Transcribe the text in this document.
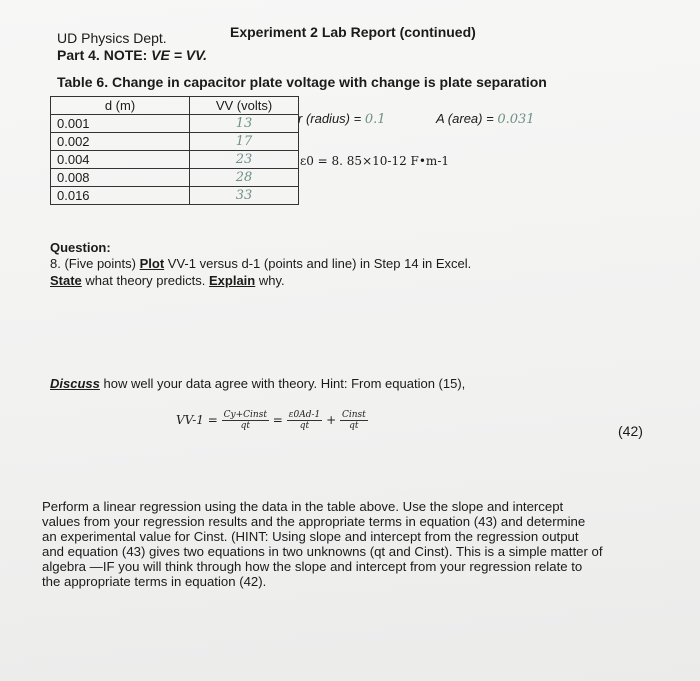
UD Physics Dept.	Experiment 2 Lab Report (continued)
Part 4. NOTE: VE = VV.
Table 6. Change in capacitor plate voltage with change is plate separation
d (m)	VV (volts)
0.001	13
0.002	17
0.004	23
0.008	28
0.016	33
r (radius) = 0.1	A (area) = 0.031
ε0 = 8. 85×10-12 F•m-1
Question:
8. (Five points) Plot VV-1 versus d-1 (points and line) in Step 14 in Excel.
State what theory predicts. Explain why.
Discuss how well your data agree with theory. Hint: From equation (15),
$VV-1 = \frac{\text{Cy+Cinst}}{qt} = \frac{\varepsilon 0Ad-1}{qt} + \frac{\text{Cinst}}{qt}$	(42)
Perform a linear regression using the data in the table above. Use the slope and intercept
values from your regression results and the appropriate terms in equation (43) and determine
an experimental value for Cinst. (HINT: Using slope and intercept from the regression output
and equation (43) gives two equations in two unknowns (qt and Cinst). This is a simple matter of
algebra —IF you will think through how the slope and intercept from your regression relate to
the appropriate terms in equation (42).
